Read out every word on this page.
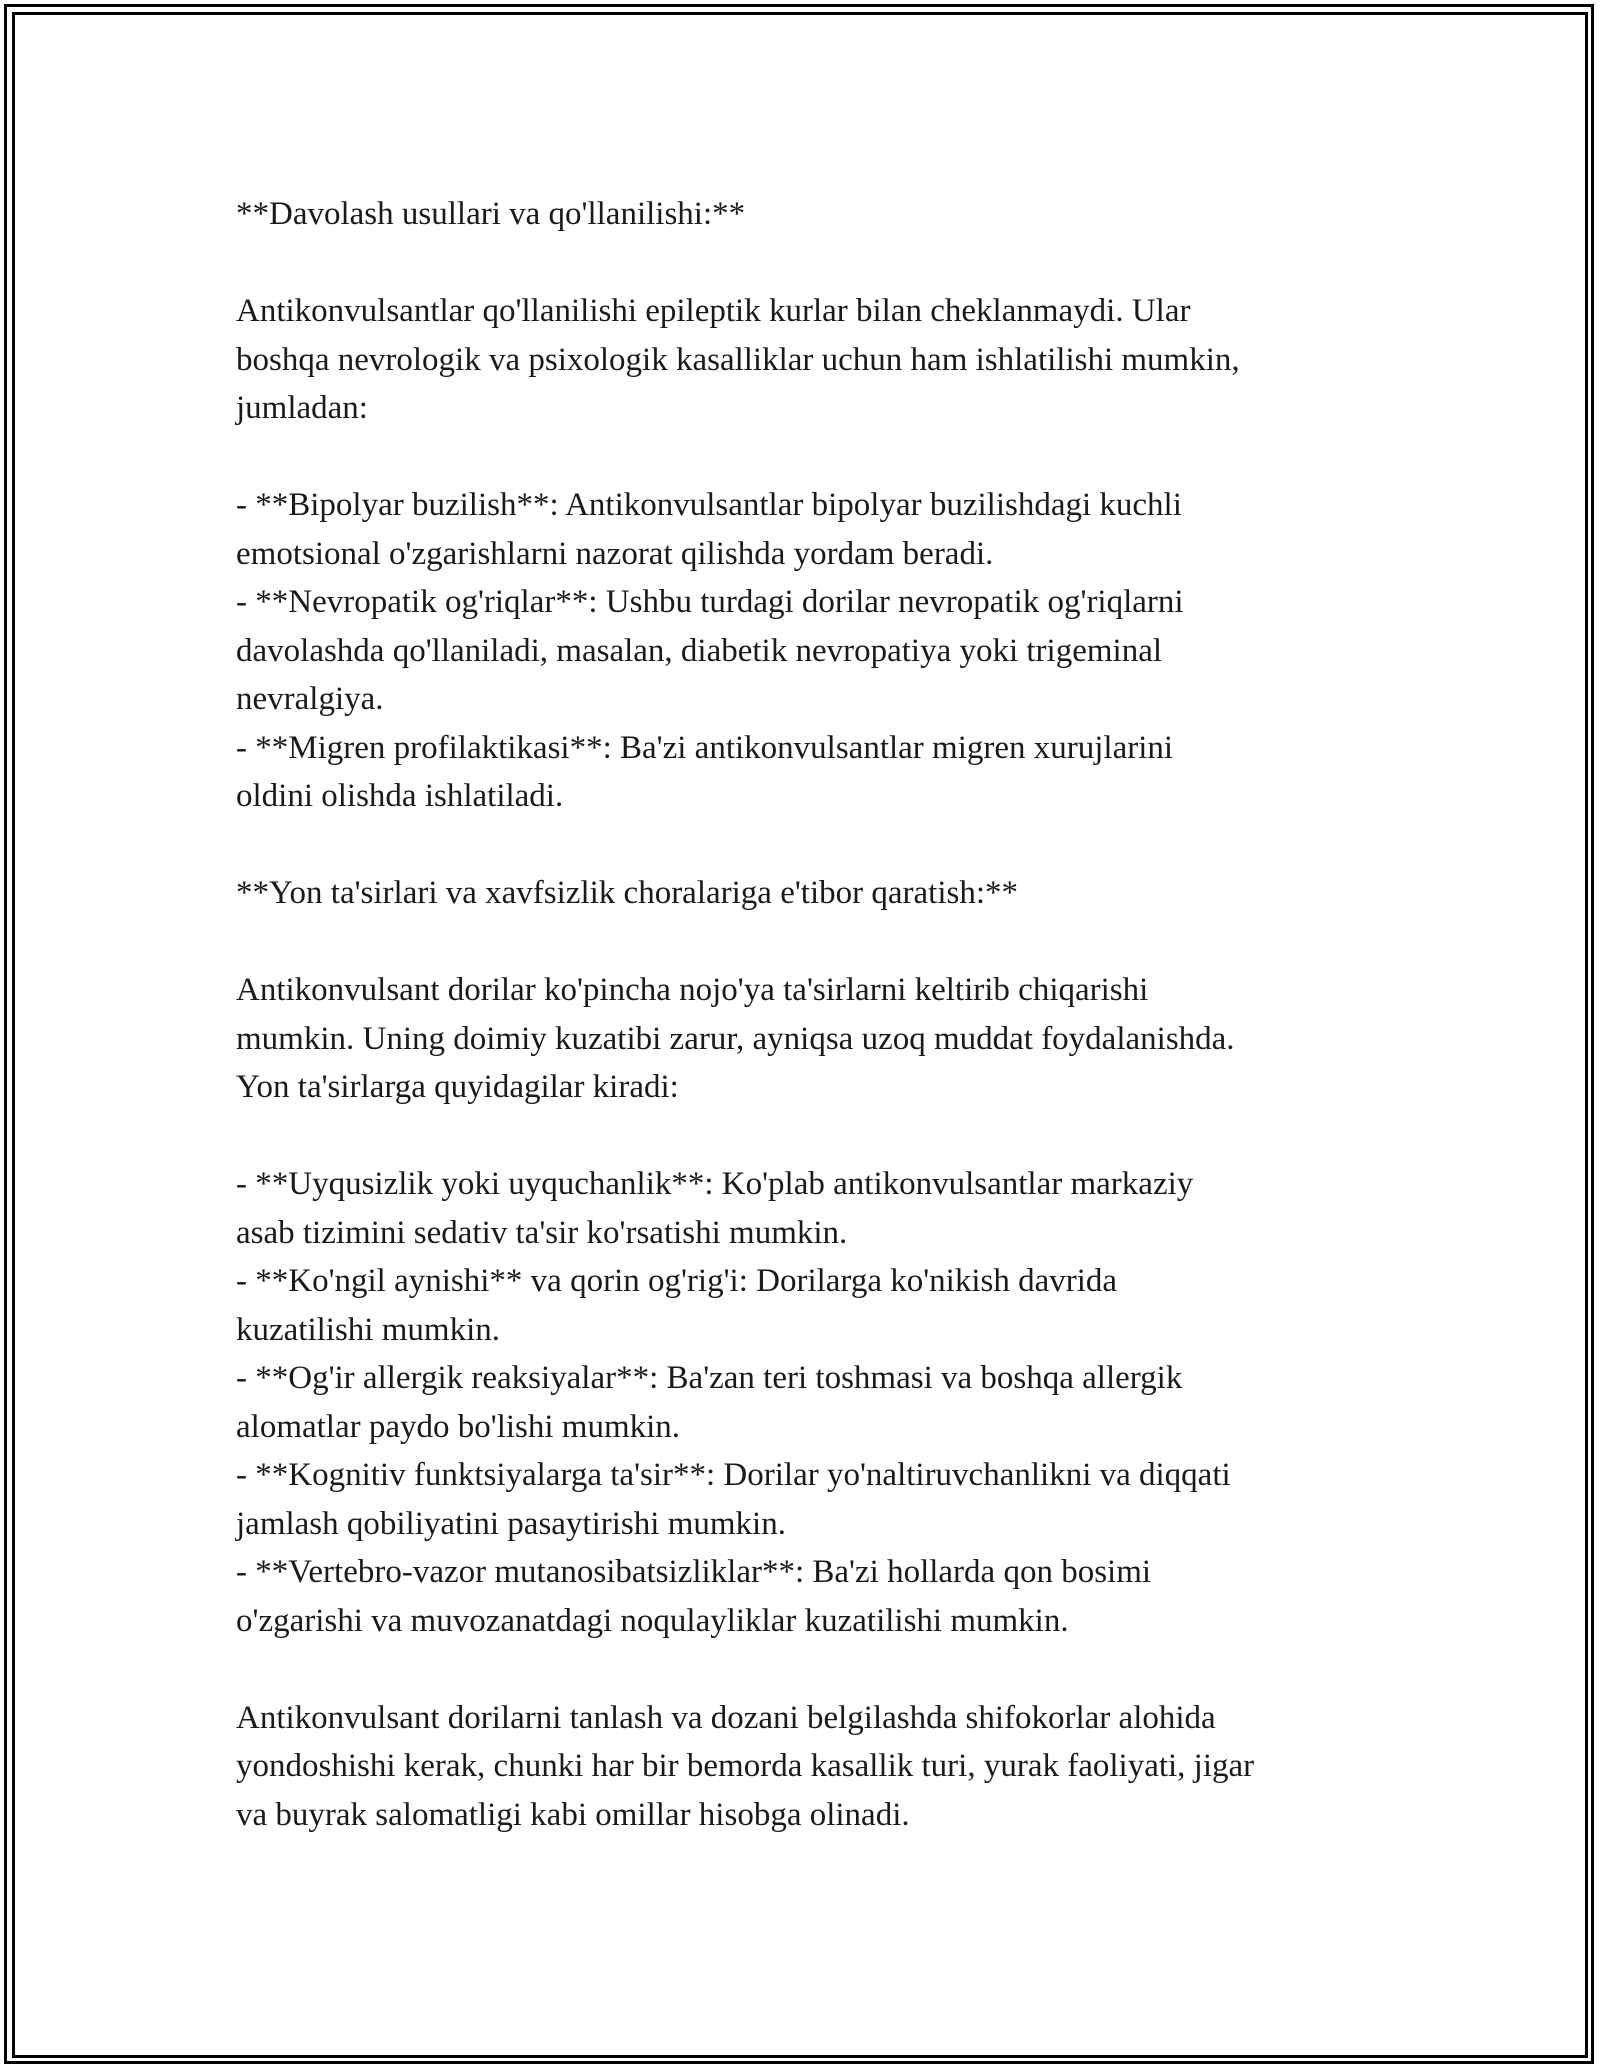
**Davolash usullari va qo'llanilishi:**
Antikonvulsantlar qo'llanilishi epileptik kurlar bilan cheklanmaydi. Ular
boshqa nevrologik va psixologik kasalliklar uchun ham ishlatilishi mumkin,
jumladan:
- **Bipolyar buzilish**: Antikonvulsantlar bipolyar buzilishdagi kuchli
emotsional o'zgarishlarni nazorat qilishda yordam beradi.
- **Nevropatik og'riqlar**: Ushbu turdagi dorilar nevropatik og'riqlarni
davolashda qo'llaniladi, masalan, diabetik nevropatiya yoki trigeminal
nevralgiya.
- **Migren profilaktikasi**: Ba'zi antikonvulsantlar migren xurujlarini
oldini olishda ishlatiladi.
**Yon ta'sirlari va xavfsizlik choralariga e'tibor qaratish:**
Antikonvulsant dorilar ko'pincha nojo'ya ta'sirlarni keltirib chiqarishi
mumkin. Uning doimiy kuzatibi zarur, ayniqsa uzoq muddat foydalanishda.
Yon ta'sirlarga quyidagilar kiradi:
- **Uyqusizlik yoki uyquchanlik**: Ko'plab antikonvulsantlar markaziy
asab tizimini sedativ ta'sir ko'rsatishi mumkin.
- **Ko'ngil aynishi** va qorin og'rig'i: Dorilarga ko'nikish davrida
kuzatilishi mumkin.
- **Og'ir allergik reaksiyalar**: Ba'zan teri toshmasi va boshqa allergik
alomatlar paydo bo'lishi mumkin.
- **Kognitiv funktsiyalarga ta'sir**: Dorilar yo'naltiruvchanlikni va diqqati
jamlash qobiliyatini pasaytirishi mumkin.
- **Vertebro-vazor mutanosibatsizliklar**: Ba'zi hollarda qon bosimi
o'zgarishi va muvozanatdagi noqulayliklar kuzatilishi mumkin.
Antikonvulsant dorilarni tanlash va dozani belgilashda shifokorlar alohida
yondoshishi kerak, chunki har bir bemorda kasallik turi, yurak faoliyati, jigar
va buyrak salomatligi kabi omillar hisobga olinadi.
